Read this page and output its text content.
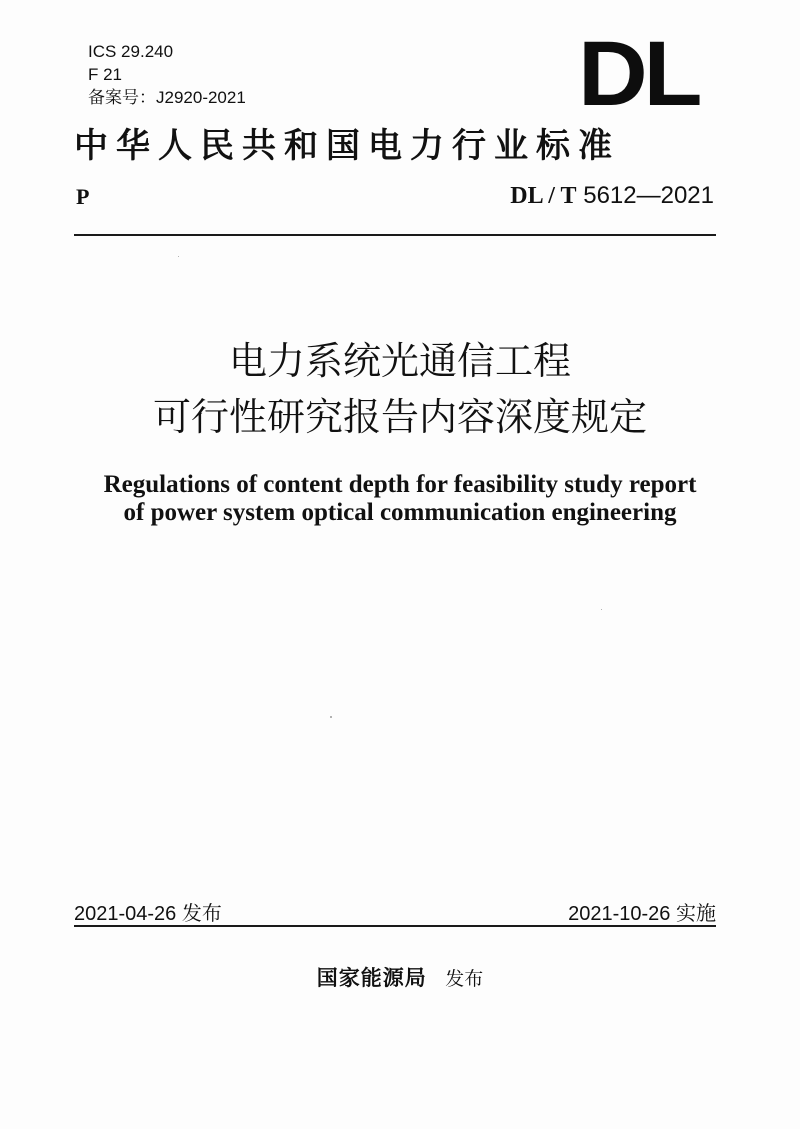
ICS 29.240
F 21
备案号：J2920-2021	DL
中华人民共和国电力行业标准
P	DL / T 5612—2021
电力系统光通信工程
可行性研究报告内容深度规定
Regulations of content depth for feasibility study report
of power system optical communication engineering
2021-04-26 发布	2021-10-26 实施
国家能源局 发布
